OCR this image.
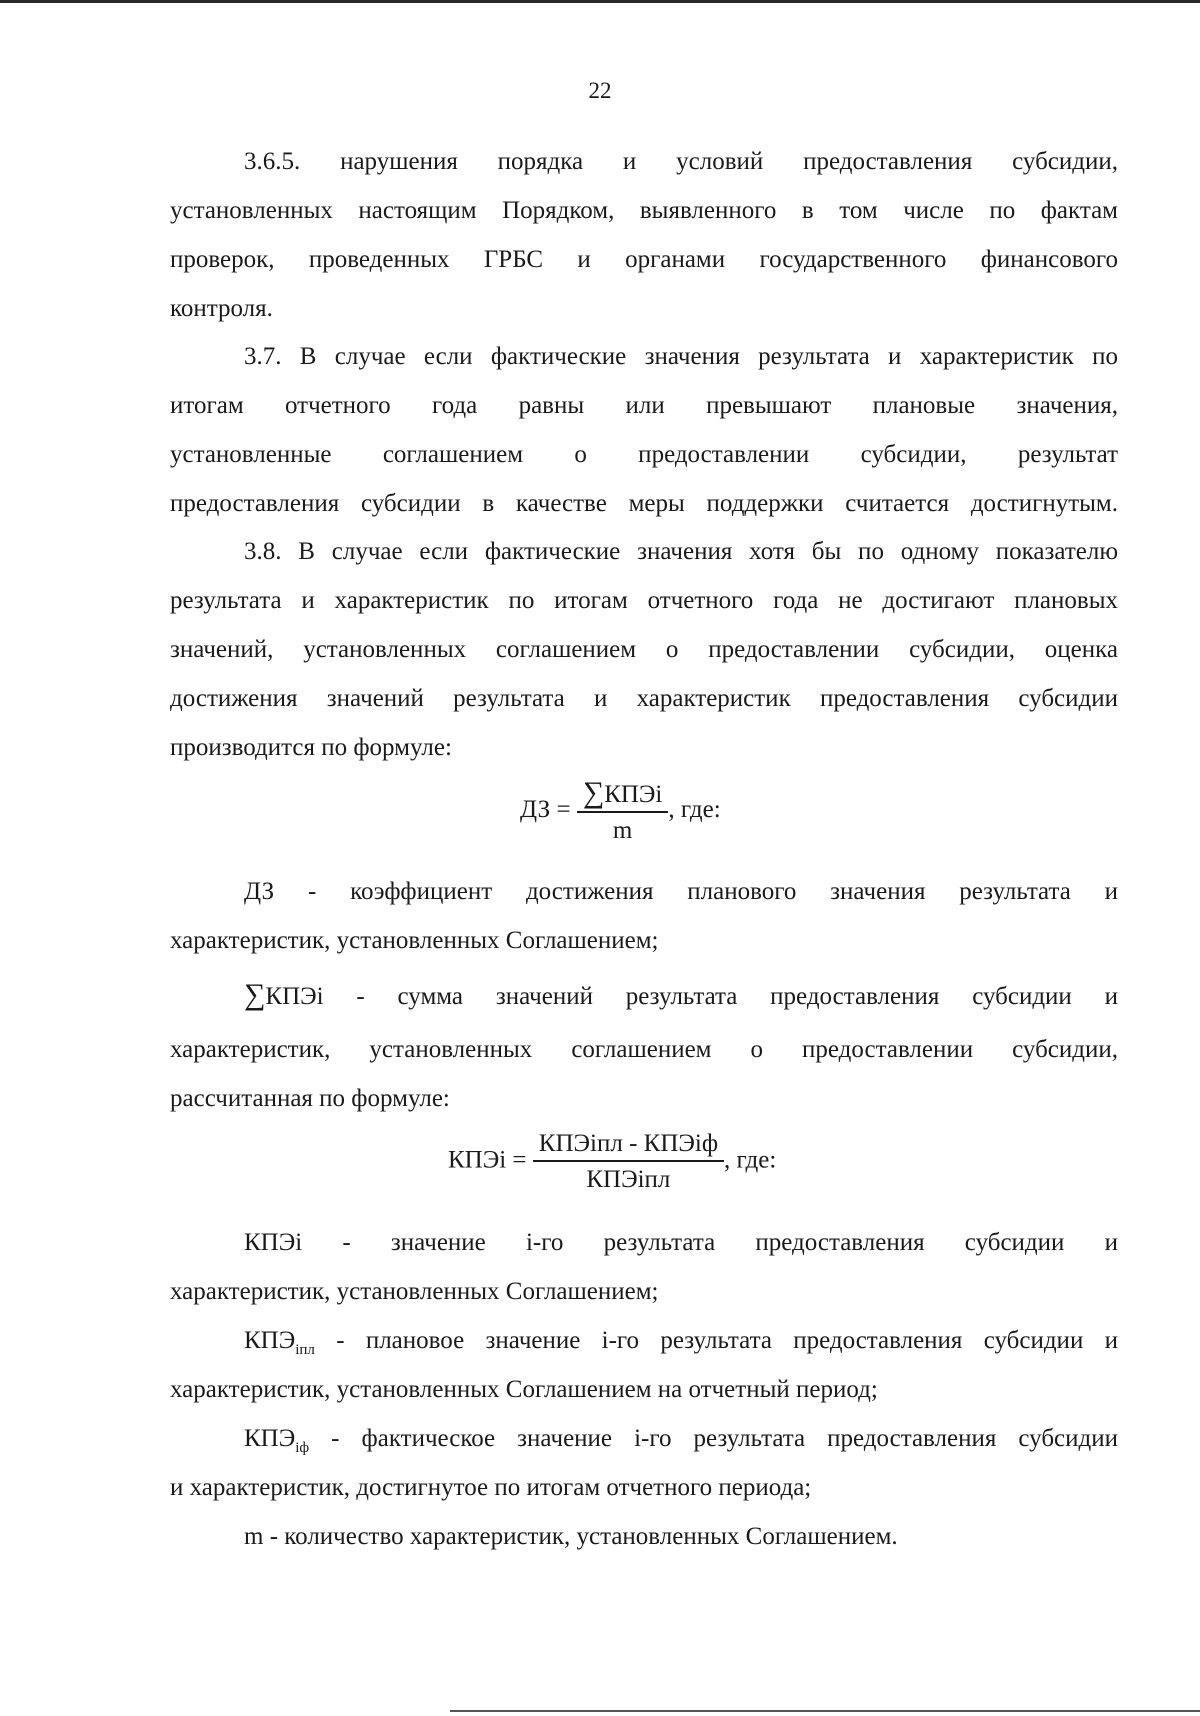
22

3.6.5. нарушения порядка и условий предоставления субсидии,

установленных настоящим Порядком, выявленного в том числе по фактам

проверок, проведенных ГРБС и органами государственного финансового

контроля.

3.7. В случае если фактические значения результата и характеристик по

итогам отчетного года равны или превышают плановые значения,

установленные соглашением о предоставлении субсидии, результат

предоставления субсидии в качестве меры поддержки считается достигнутым.

3.8. В случае если фактические значения хотя бы по одному показателю

результата и характеристик по итогам отчетного года не достигают плановых

значений, установленных соглашением о предоставлении субсидии, оценка

достижения значений результата и характеристик предоставления субсидии

производится по формуле:

ДЗ = $\frac{\text{∑КПЭi}}{m}$ , где:

ДЗ - коэффициент достижения планового значения результата и

характеристик, установленных Соглашением;

∑КПЭi - сумма значений результата предоставления субсидии и

характеристик, установленных соглашением о предоставлении субсидии,

рассчитанная по формуле:

КПЭi = $\frac{\text{КПЭiпл - КПЭiф}}{\text{КПЭiпл}}$ , где:

КПЭi - значение i-го результата предоставления субсидии и

характеристик, установленных Соглашением;

$КПЭ_{iпл}$ - плановое значение i-го результата предоставления субсидии и

характеристик, установленных Соглашением на отчетный период;

$КПЭ_{iф}$ - фактическое значение i-го результата предоставления субсидии

и характеристик, достигнутое по итогам отчетного периода;

m - количество характеристик, установленных Соглашением.
